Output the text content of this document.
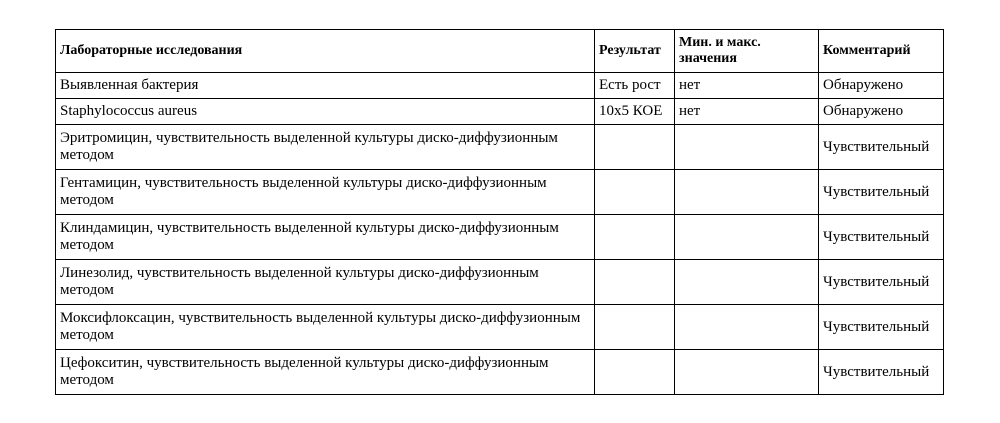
Лабораторные исследования	Результат	Мин. и макс. значения	Комментарий
Выявленная бактерия	Есть рост	нет	Обнаружено
Staphylococcus aureus	10x5 КОЕ	нет	Обнаружено
Эритромицин, чувствительность выделенной культуры диско-диффузионным методом			Чувствительный
Гентамицин, чувствительность выделенной культуры диско-диффузионным методом			Чувствительный
Клиндамицин, чувствительность выделенной культуры диско-диффузионным методом			Чувствительный
Линезолид, чувствительность выделенной культуры диско-диффузионным методом			Чувствительный
Моксифлоксацин, чувствительность выделенной культуры диско-диффузионным методом			Чувствительный
Цефокситин, чувствительность выделенной культуры диско-диффузионным методом			Чувствительный
